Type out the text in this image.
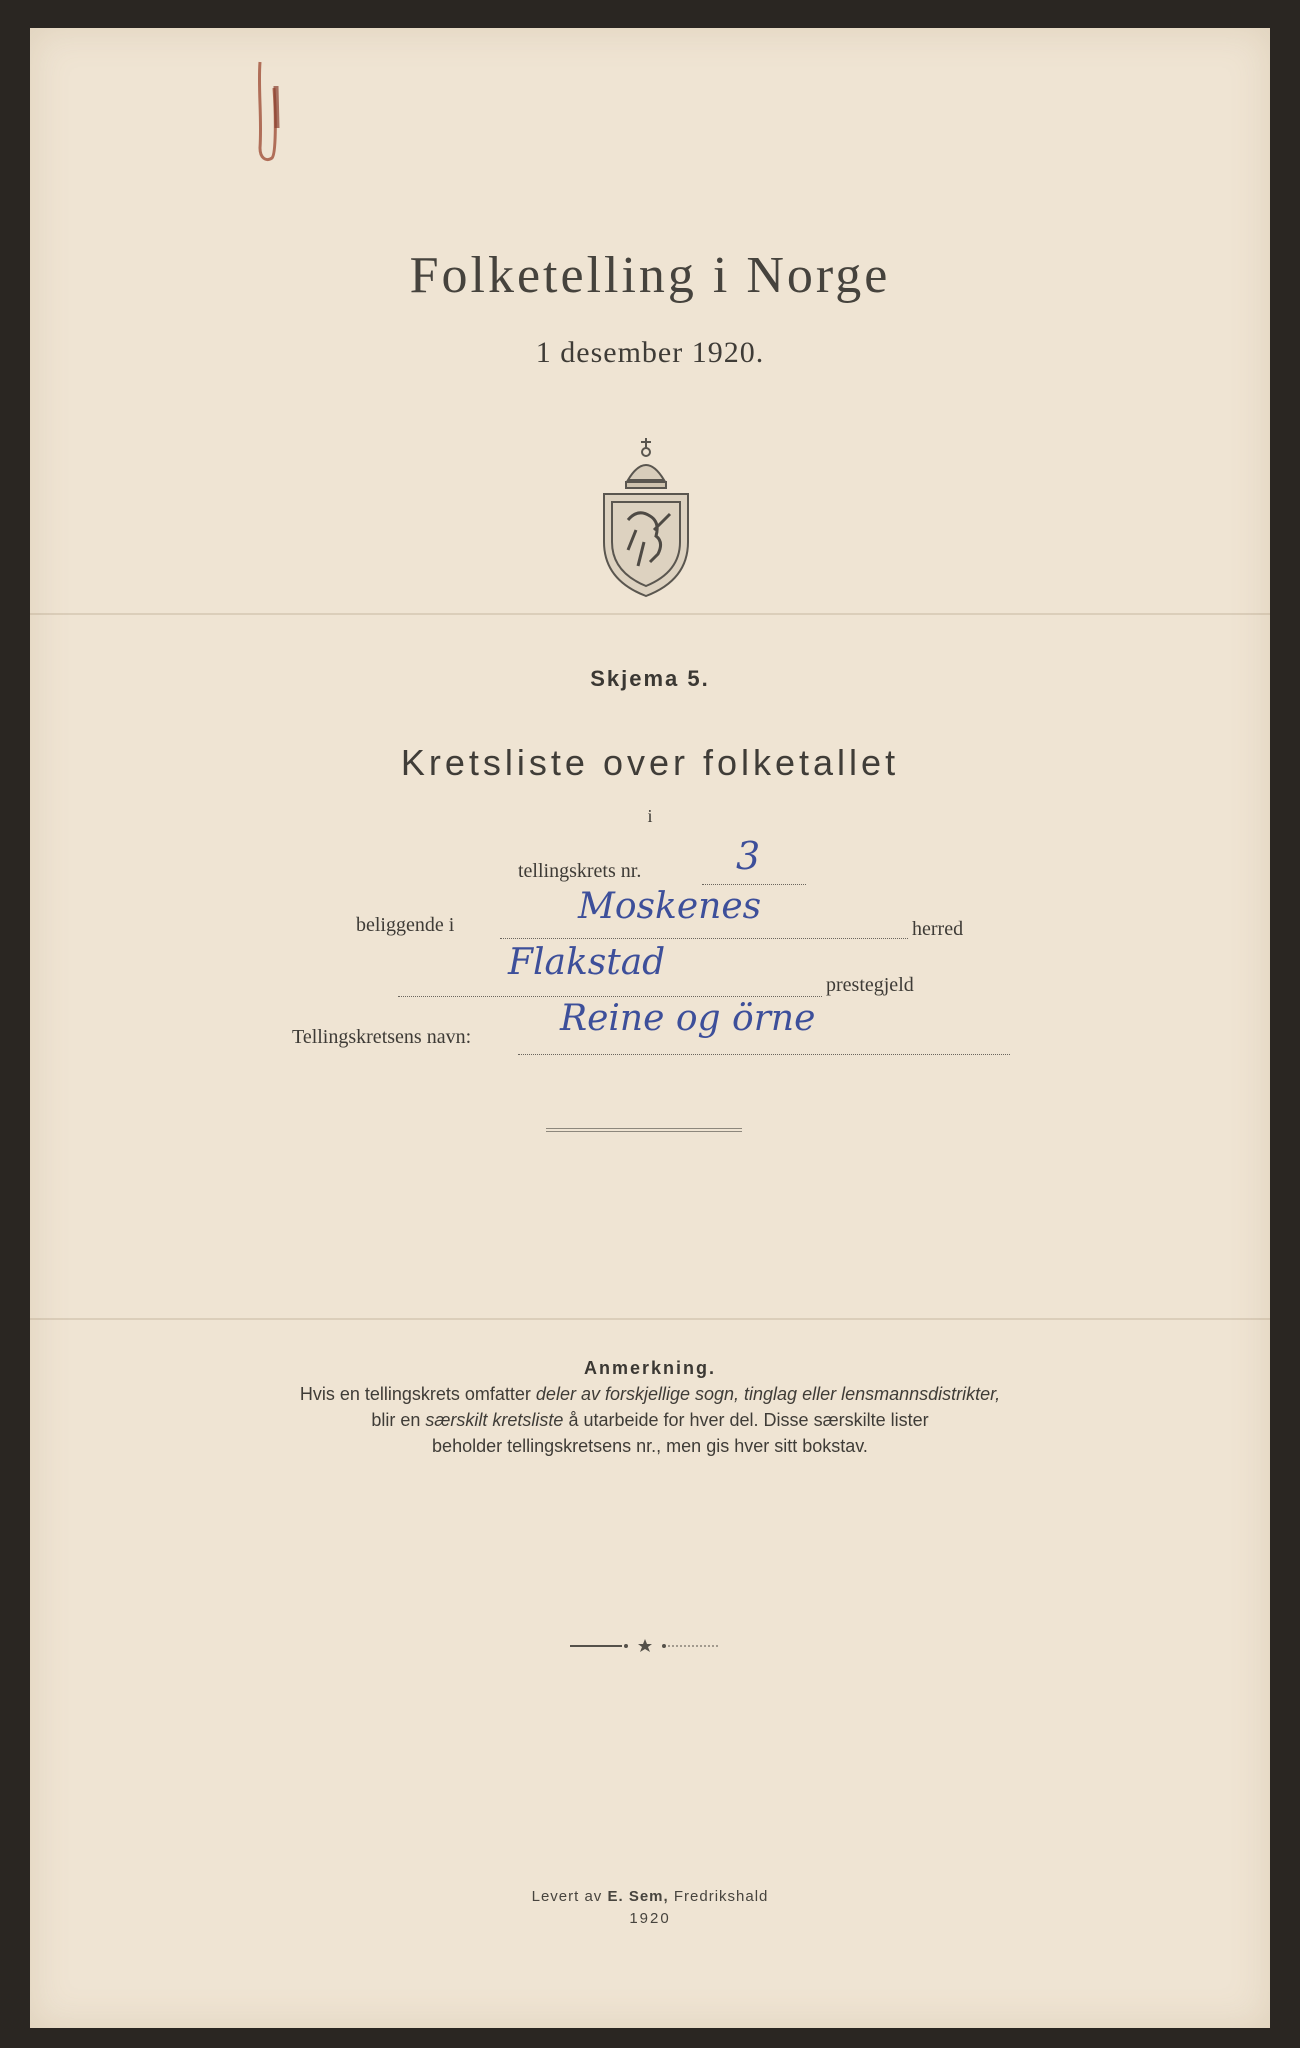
Folketelling i Norge
1 desember 1920.
Skjema 5.
Kretsliste over folketallet
i
tellingskrets nr. 3
beliggende i	Moskenes
herred
Flakstad
prestegjeld
Tellingskretsens navn: Reine og örne
Anmerkning.
Hvis en tellingskrets omfatter deler av forskjellige sogn, tinglag eller lensmannsdistrikter,
blir en særskilt kretsliste å utarbeide for hver del. Disse særskilte lister
beholder tellingskretsens nr., men gis hver sitt bokstav.
Levert av E. Sem, Fredrikshald
1920
